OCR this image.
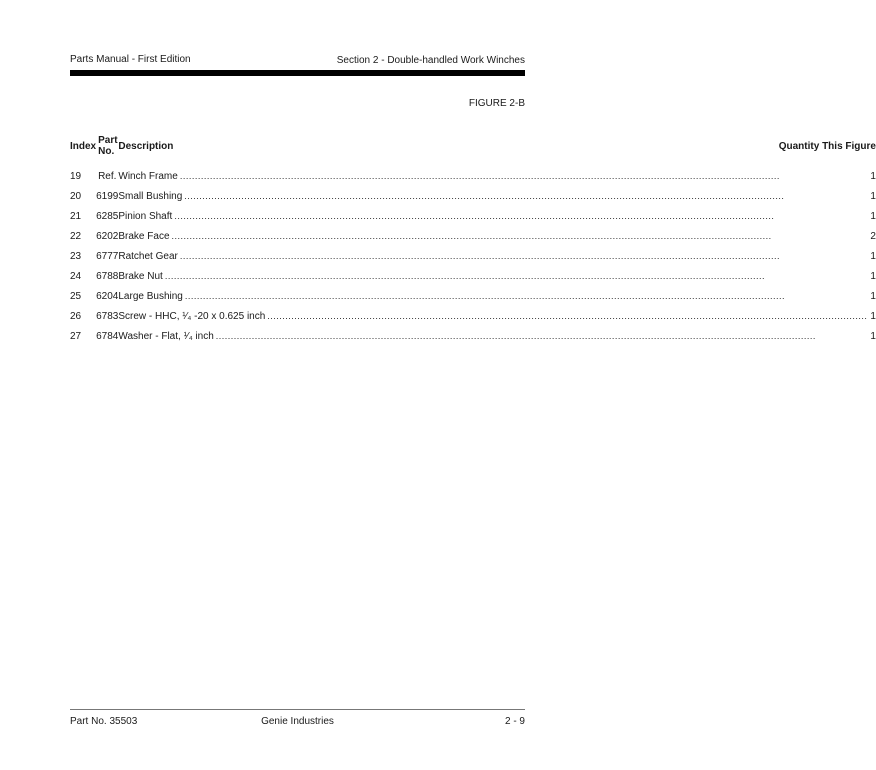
Parts Manual - First Edition	Section 2 - Double-handled Work Winches
FIGURE 2-B
Index	Part No.	Description Quantity This Figure

19	Ref.	Winch Frame ........................................................................................................................................................................................................ 1

20	6199	Small Bushing ........................................................................................................................................................................................................ 1

21	6285	Pinion Shaft ........................................................................................................................................................................................................ 1

22	6202	Brake Face ........................................................................................................................................................................................................ 2

23	6777	Ratchet Gear ........................................................................................................................................................................................................ 1

24	6788	Brake Nut ........................................................................................................................................................................................................ 1

25	6204	Large Bushing ........................................................................................................................................................................................................ 1

26	6783	Screw - HHC, ¹⁄₄ -20 x 0.625 inch ........................................................................................................................................................................................................ 1

27	6784	Washer - Flat, ¹⁄₄ inch ........................................................................................................................................................................................................ 1
Part No. 35503	Genie Industries	2 - 9
